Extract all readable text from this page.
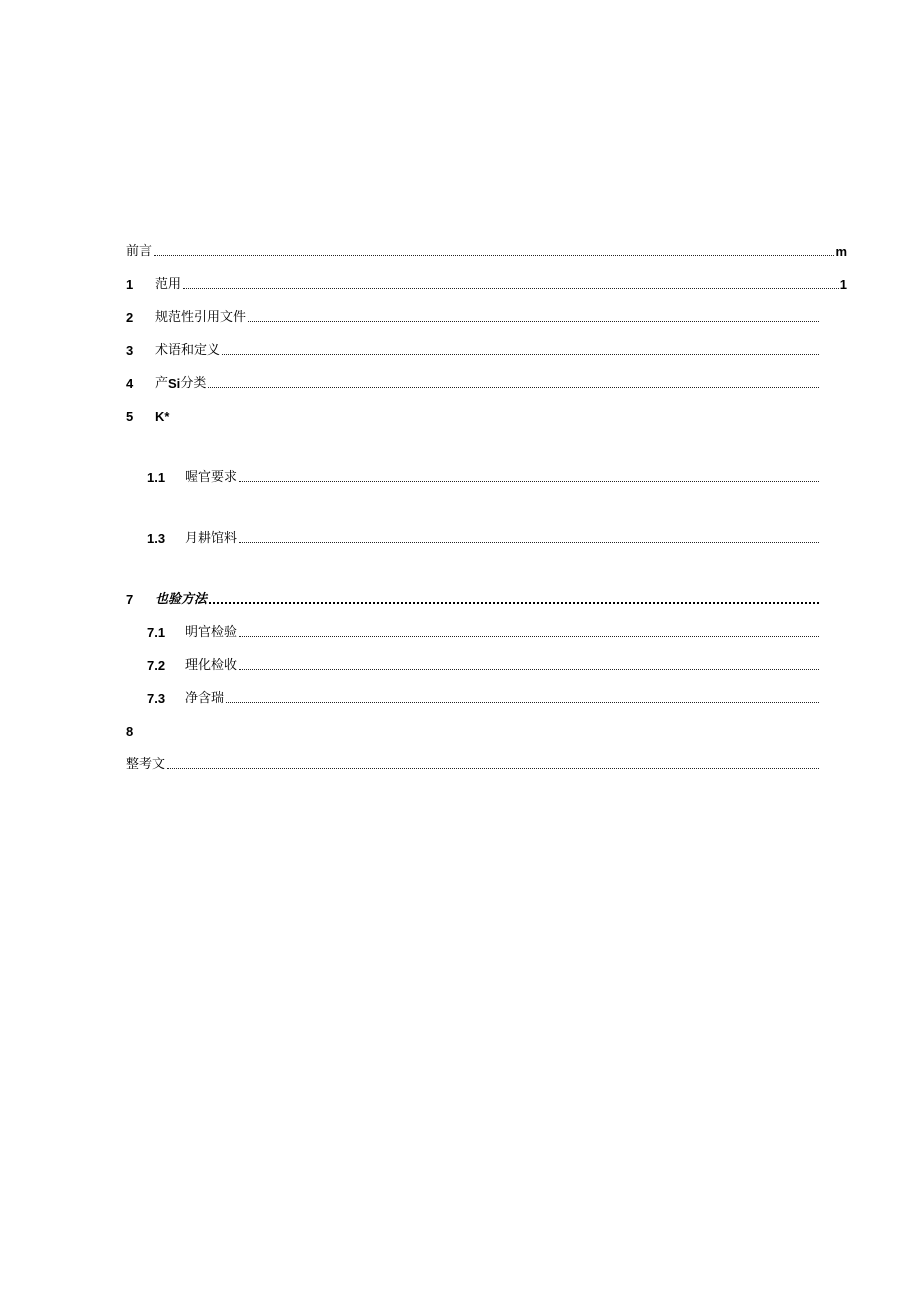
前言	m
1	范用	1
2	规范性引用文件
3	术语和定义
4	产 Si 分类
5	K*
1.1	喔官要求
1.3	月耕馆料
7	也验方法
7.1	明官检验
7.2	理化检收
7.3	净含瑞
8
整考文
